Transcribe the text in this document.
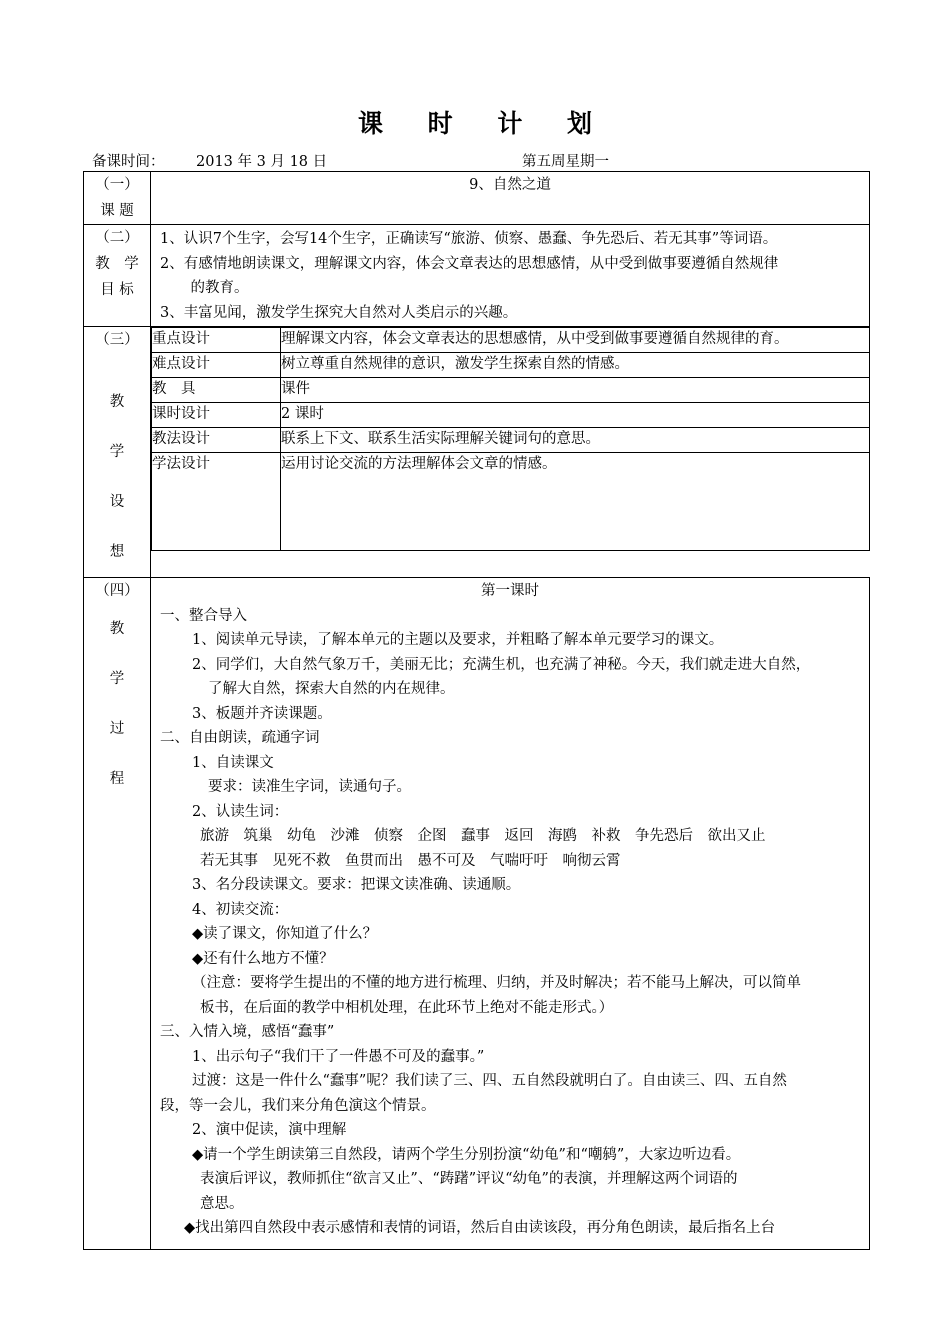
课 时 计 划
备课时间： 2013 年 3 月 18 日	第五周星期一
（一）
课 题
	9、自然之道

（二）
教　学
目 标

1、认识7个生字，会写14个生字，正确读写“旅游、侦察、愚蠢、争先恐后、若无其事”等词语。
2、有感情地朗读课文，理解课文内容，体会文章表达的思想感情，从中受到做事要遵循自然规律
　的教育。
3、丰富见闻，激发学生探究大自然对人类启示的兴趣。

（三）
教
学
设
想

重点设计	理解课文内容，体会文章表达的思想感情，从中受到做事要遵循自然规律的育。
难点设计	树立尊重自然规律的意识，激发学生探索自然的情感。
教　具	课件
课时设计	2 课时
教法设计	联系上下文、联系生活实际理解关键词句的意思。
学法设计	运用讨论交流的方法理解体会文章的情感。

（四）
教
学
过
程

第一课时
一、整合导入
1、阅读单元导读，了解本单元的主题以及要求，并粗略了解本单元要学习的课文。
2、同学们，大自然气象万千，美丽无比；充满生机，也充满了神秘。今天，我们就走进大自然，
了解大自然，探索大自然的内在规律。
3、板题并齐读课题。
二、自由朗读，疏通字词
1、自读课文
要求：读准生字词，读通句子。
2、认读生词：
旅游　筑巢　幼龟　沙滩　侦察　企图　蠢事　返回　海鸥　补救　争先恐后　欲出又止
若无其事　见死不救　鱼贯而出　愚不可及　气喘吁吁　响彻云霄
3、名分段读课文。要求：把课文读准确、读通顺。
4、初读交流：
◆读了课文，你知道了什么？
◆还有什么地方不懂？
（注意：要将学生提出的不懂的地方进行梳理、归纳，并及时解决；若不能马上解决，可以简单
板书，在后面的教学中相机处理，在此环节上绝对不能走形式。）
三、入情入境，感悟“蠢事”
1、出示句子“我们干了一件愚不可及的蠢事。”
过渡：这是一件什么“蠢事”呢？我们读了三、四、五自然段就明白了。自由读三、四、五自然
段，等一会儿，我们来分角色演这个情景。
2、演中促读，演中理解
◆请一个学生朗读第三自然段，请两个学生分别扮演“幼龟”和“嘲鸫”，大家边听边看。
表演后评议，教师抓住“欲言又止”、“踌躇”评议“幼龟”的表演，并理解这两个词语的
意思。
◆找出第四自然段中表示感情和表情的词语，然后自由读该段，再分角色朗读，最后指名上台
